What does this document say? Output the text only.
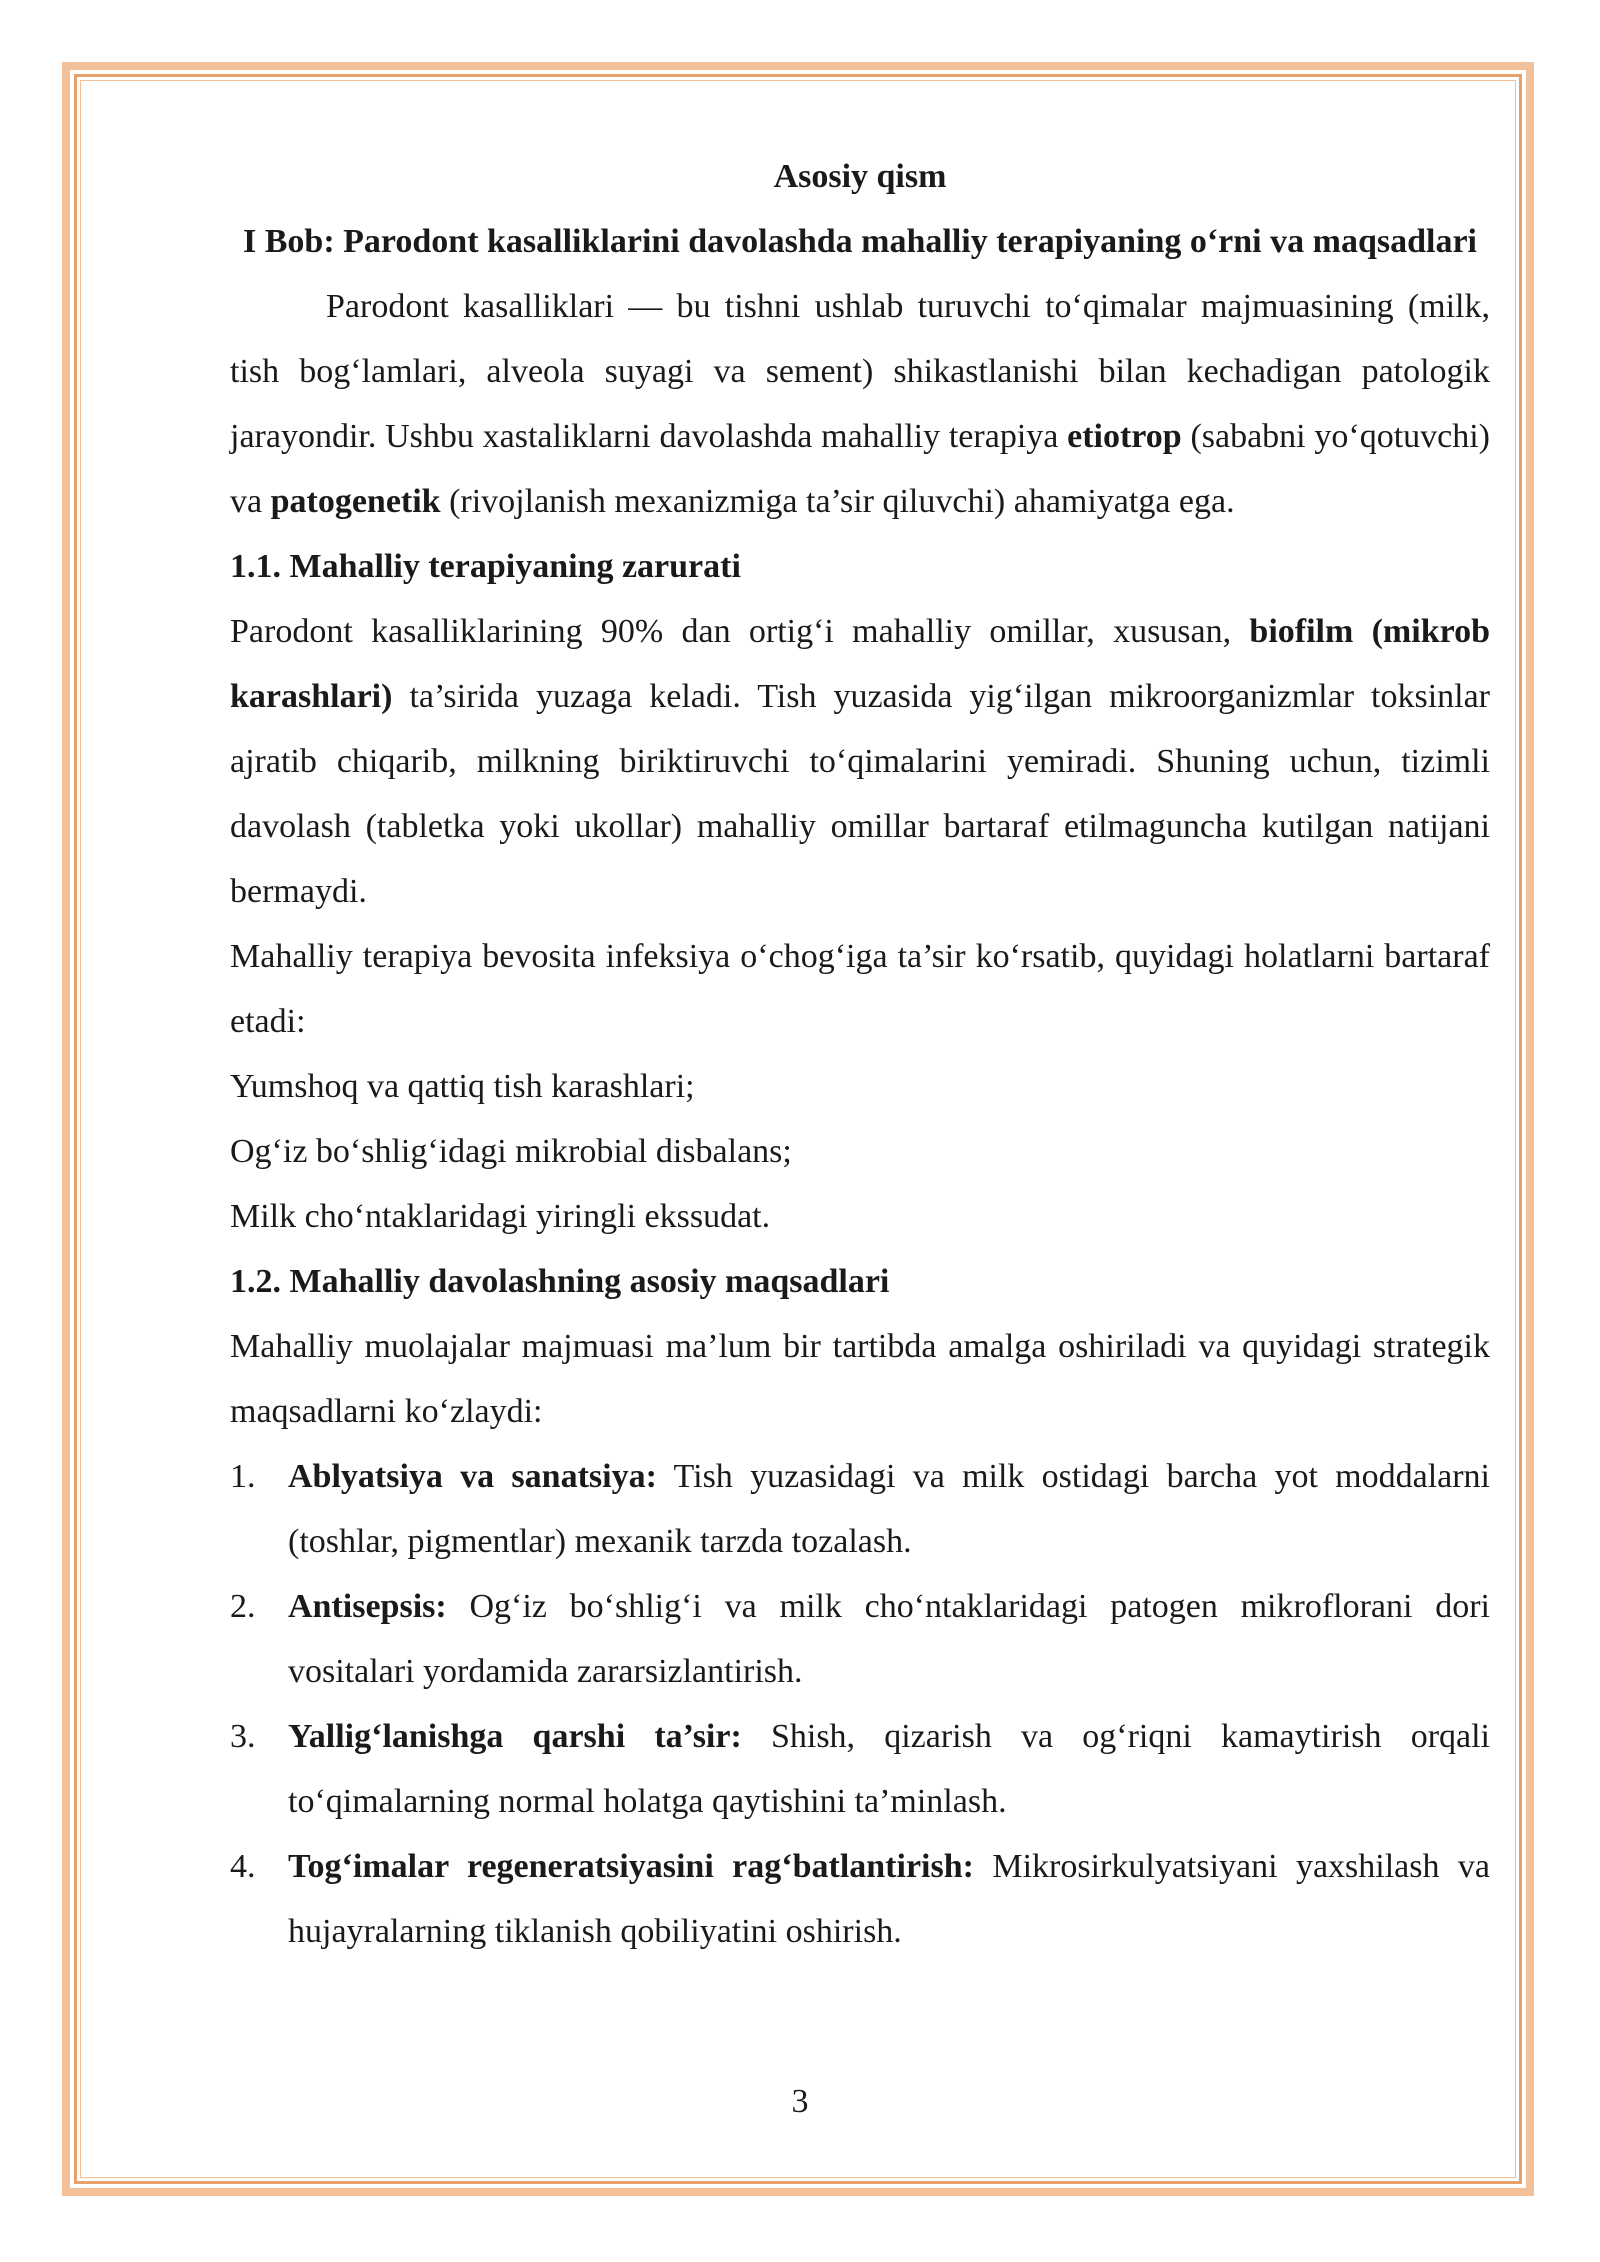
Asosiy qism

I Bob: Parodont kasalliklarini davolashda mahalliy terapiyaning o‘rni va maqsadlari

Parodont kasalliklari — bu tishni ushlab turuvchi to‘qimalar majmuasining (milk, tish bog‘lamlari, alveola suyagi va sement) shikastlanishi bilan kechadigan patologik jarayondir. Ushbu xastaliklarni davolashda mahalliy terapiya etiotrop (sababni yo‘qotuvchi) va patogenetik (rivojlanish mexanizmiga ta’sir qiluvchi) ahamiyatga ega.

1.1. Mahalliy terapiyaning zarurati

Parodont kasalliklarining 90% dan ortig‘i mahalliy omillar, xususan, biofilm (mikrob karashlari) ta’sirida yuzaga keladi. Tish yuzasida yig‘ilgan mikroorganizmlar toksinlar ajratib chiqarib, milkning biriktiruvchi to‘qimalarini yemiradi. Shuning uchun, tizimli davolash (tabletka yoki ukollar) mahalliy omillar bartaraf etilmaguncha kutilgan natijani bermaydi.

Mahalliy terapiya bevosita infeksiya o‘chog‘iga ta’sir ko‘rsatib, quyidagi holatlarni bartaraf etadi:

Yumshoq va qattiq tish karashlari;

Og‘iz bo‘shlig‘idagi mikrobial disbalans;

Milk cho‘ntaklaridagi yiringli ekssudat.

1.2. Mahalliy davolashning asosiy maqsadlari

Mahalliy muolajalar majmuasi ma’lum bir tartibda amalga oshiriladi va quyidagi strategik maqsadlarni ko‘zlaydi:

1. Ablyatsiya va sanatsiya: Tish yuzasidagi va milk ostidagi barcha yot moddalarni (toshlar, pigmentlar) mexanik tarzda tozalash.
2. Antisepsis: Og‘iz bo‘shlig‘i va milk cho‘ntaklaridagi patogen mikroflorani dori vositalari yordamida zararsizlantirish.
3. Yallig‘lanishga qarshi ta’sir: Shish, qizarish va og‘riqni kamaytirish orqali to‘qimalarning normal holatga qaytishini ta’minlash.
4. Tog‘imalar regeneratsiyasini rag‘batlantirish: Mikrosirkulyatsiyani yaxshilash va hujayralarning tiklanish qobiliyatini oshirish.
3
